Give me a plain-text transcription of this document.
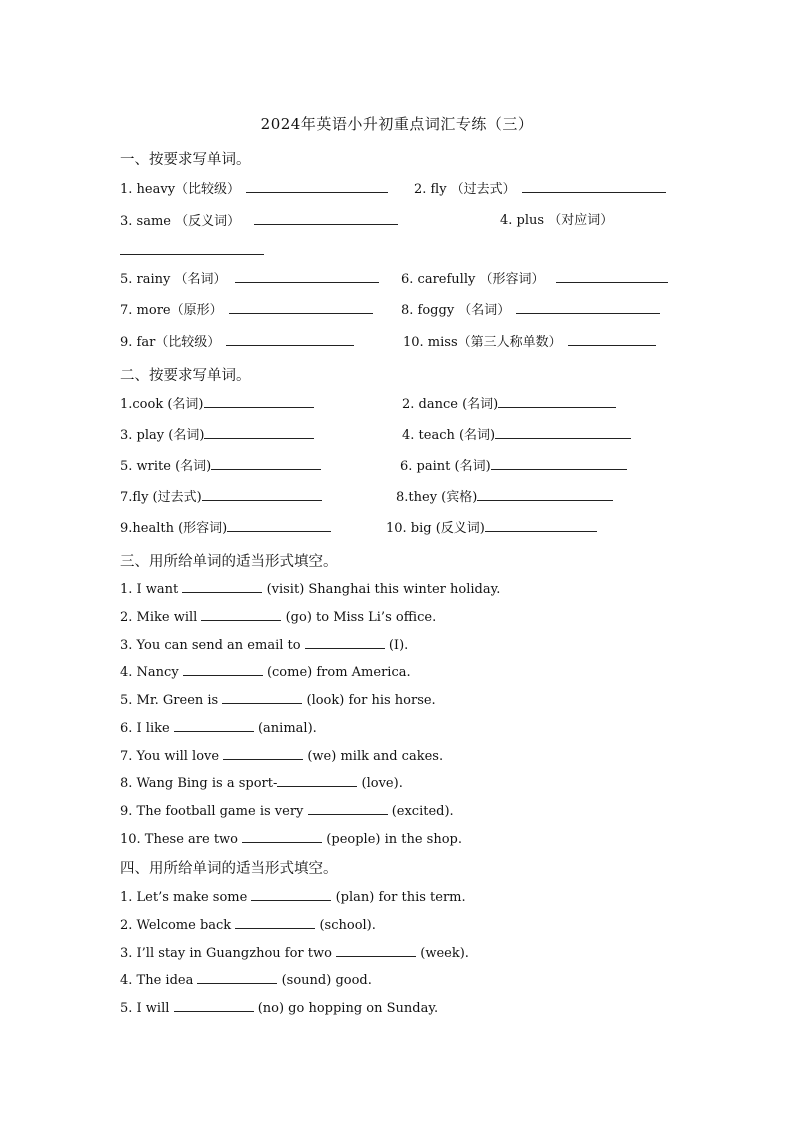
2024年英语小升初重点词汇专练（三）
一、按要求写单词。
1. heavy（比较级）	2. fly （过去式）
3. same （反义词）	4. plus （对应词）
5. rainy （名词）	6. carefully （形容词）
7. more（原形）	8. foggy （名词）
9. far（比较级）	10. miss（第三人称单数）
二、按要求写单词。
1.cook (名词)	2. dance (名词)
3. play (名词)	4. teach (名词)
5. write (名词)	6. paint (名词)
7.fly (过去式)	8.they (宾格)
9.health (形容词)	10. big (反义词)
三、用所给单词的适当形式填空。
1. I want	(visit) Shanghai this winter holiday.
2. Mike will	(go) to Miss Li’s office.
3. You can send an email to	(I).
4. Nancy	(come) from America.
5. Mr. Green is	(look) for his horse.
6. I like	(animal).
7. You will love	(we) milk and cakes.
8. Wang Bing is a sport-	(love).
9. The football game is very	(excited).
10. These are two	(people) in the shop.
四、用所给单词的适当形式填空。
1. Let’s make some	(plan) for this term.
2. Welcome back	(school).
3. I’ll stay in Guangzhou for two	(week).
4. The idea	(sound) good.
5. I will	(no) go hopping on Sunday.
